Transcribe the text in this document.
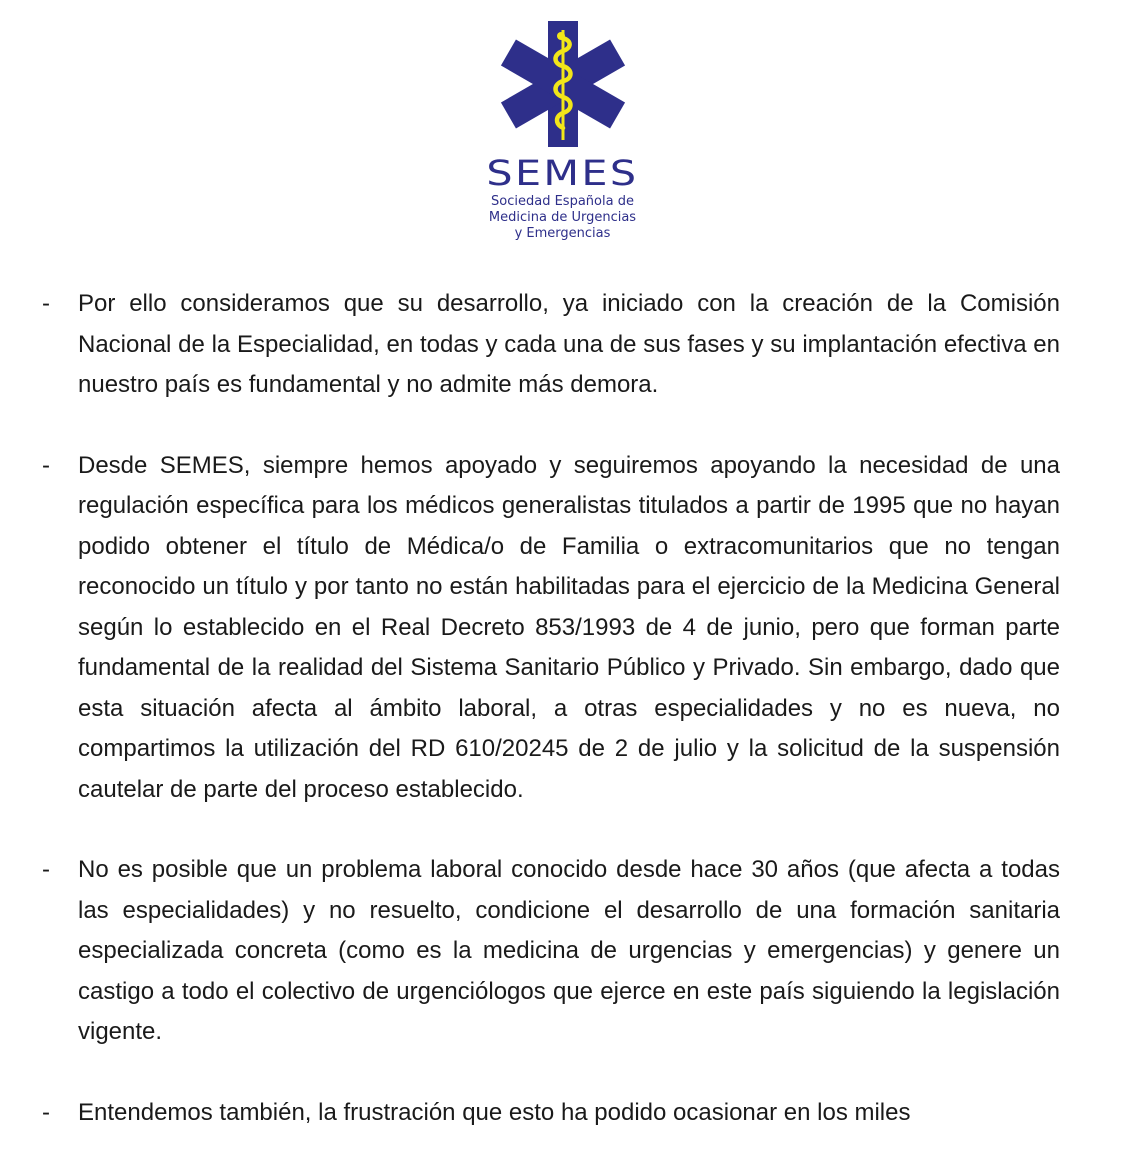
SEMES
Sociedad Española de
Medicina de Urgencias
y Emergencias
-	Por ello consideramos que su desarrollo, ya iniciado con la creación de la Comisión Nacional de la Especialidad, en todas y cada una de sus fases y su implantación efectiva en nuestro país es fundamental y no admite más demora.

-	Desde SEMES, siempre hemos apoyado y seguiremos apoyando la necesidad de una regulación específica para los médicos generalistas titulados a partir de 1995 que no hayan podido obtener el título de Médica/o de Familia o extracomunitarios que no tengan reconocido un título y por tanto no están habilitadas para el ejercicio de la Medicina General según lo establecido en el Real Decreto 853/1993 de 4 de junio, pero que forman parte fundamental de la realidad del Sistema Sanitario Público y Privado. Sin embargo, dado que esta situación afecta al ámbito laboral, a otras especialidades y no es nueva, no compartimos la utilización del RD 610/20245 de 2 de julio y la solicitud de la suspensión cautelar de parte del proceso establecido.

-	No es posible que un problema laboral conocido desde hace 30 años (que afecta a todas las especialidades) y no resuelto, condicione el desarrollo de una formación sanitaria especializada concreta (como es la medicina de urgencias y emergencias) y genere un castigo a todo el colectivo de urgenciólogos que ejerce en este país siguiendo la legislación vigente.

-	Entendemos también, la frustración que esto ha podido ocasionar en los miles
